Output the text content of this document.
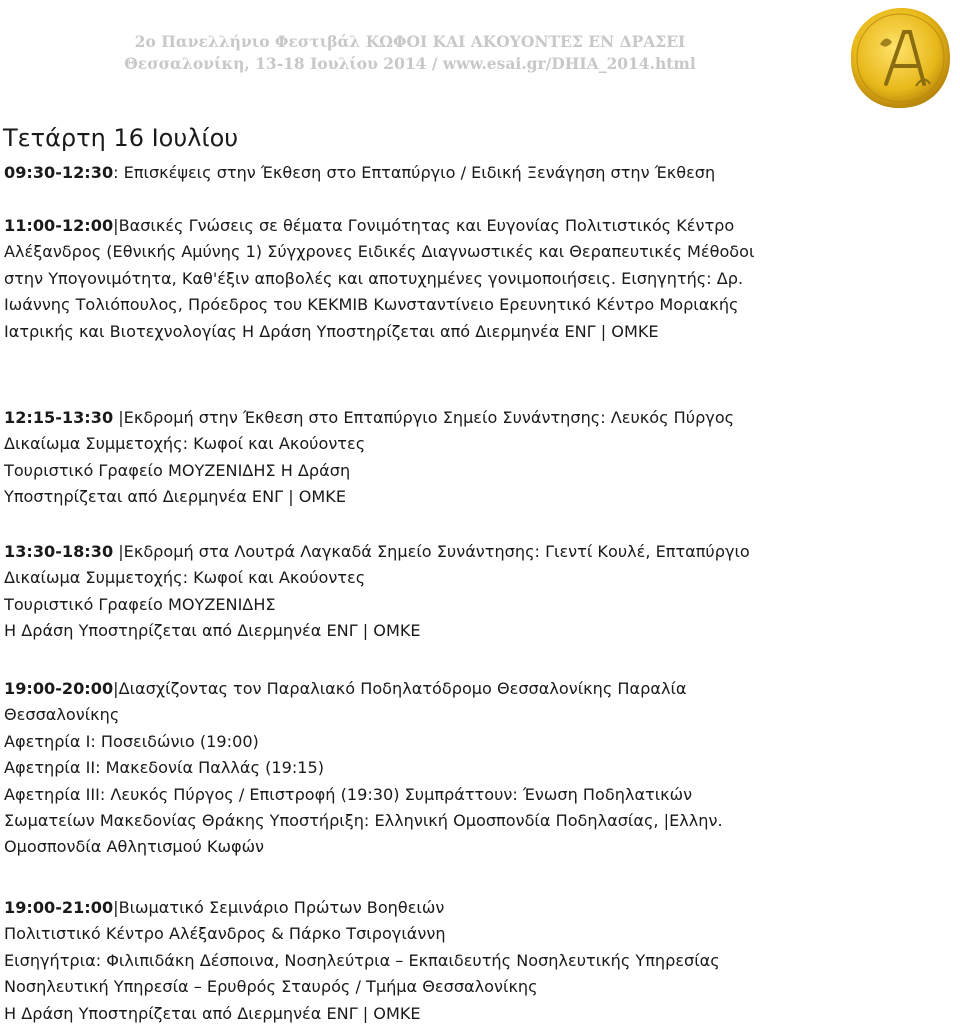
2ο Πανελλήνιο Φεστιβάλ ΚΩΦΟΙ ΚΑΙ ΑΚΟΥΟΝΤΕΣ ΕΝ ΔΡΑΣΕΙ
Θεσσαλονίκη, 13-18 Ιουλίου 2014 / www.esai.gr/DHIA_2014.html
Τετάρτη 16 Ιουλίου
09:30-12:30: Επισκέψεις στην Έκθεση στο Επταπύργιο / Ειδική Ξενάγηση στην Έκθεση
11:00-12:00|Βασικές Γνώσεις σε θέματα Γονιμότητας και Ευγονίας Πολιτιστικός Κέντρο
Αλέξανδρος (Εθνικής Αμύνης 1) Σύγχρονες Ειδικές Διαγνωστικές και Θεραπευτικές Μέθοδοι
στην Υπογονιμότητα, Καθ'έξιν αποβολές και αποτυχημένες γονιμοποιήσεις. Εισηγητής: Δρ.
Ιωάννης Τολιόπουλος, Πρόεδρος του ΚΕΚΜΙΒ Κωνσταντίνειο Ερευνητικό Κέντρο Μοριακής
Ιατρικής και Βιοτεχνολογίας Η Δράση Υποστηρίζεται από Διερμηνέα ΕΝΓ | ΟΜΚΕ
12:15-13:30 |Εκδρομή στην Έκθεση στο Επταπύργιο Σημείο Συνάντησης: Λευκός Πύργος
Δικαίωμα Συμμετοχής: Κωφοί και Ακούοντες
Τουριστικό Γραφείο ΜΟΥΖΕΝΙΔΗΣ Η Δράση
Υποστηρίζεται από Διερμηνέα ΕΝΓ | ΟΜΚΕ
13:30-18:30 |Εκδρομή στα Λουτρά Λαγκαδά Σημείο Συνάντησης: Γιεντί Κουλέ, Επταπύργιο
Δικαίωμα Συμμετοχής: Κωφοί και Ακούοντες
Τουριστικό Γραφείο ΜΟΥΖΕΝΙΔΗΣ
Η Δράση Υποστηρίζεται από Διερμηνέα ΕΝΓ | ΟΜΚΕ
19:00-20:00|Διασχίζοντας τον Παραλιακό Ποδηλατόδρομο Θεσσαλονίκης Παραλία
Θεσσαλονίκης
Αφετηρία Ι: Ποσειδώνιο (19:00)
Αφετηρία ΙΙ: Μακεδονία Παλλάς (19:15)
Αφετηρία ΙΙΙ: Λευκός Πύργος / Επιστροφή (19:30) Συμπράττουν: Ένωση Ποδηλατικών
Σωματείων Μακεδονίας Θράκης Υποστήριξη: Ελληνική Ομοσπονδία Ποδηλασίας, |Ελλην.
Ομοσπονδία Αθλητισμού Κωφών
19:00-21:00|Βιωματικό Σεμινάριο Πρώτων Βοηθειών
Πολιτιστικό Κέντρο Αλέξανδρος & Πάρκο Τσιρογιάννη
Εισηγήτρια: Φιλιπιδάκη Δέσποινα, Νοσηλεύτρια – Εκπαιδευτής Νοσηλευτικής Υπηρεσίας
Νοσηλευτική Υπηρεσία – Ερυθρός Σταυρός / Τμήμα Θεσσαλονίκης
Η Δράση Υποστηρίζεται από Διερμηνέα ΕΝΓ | ΟΜΚΕ
